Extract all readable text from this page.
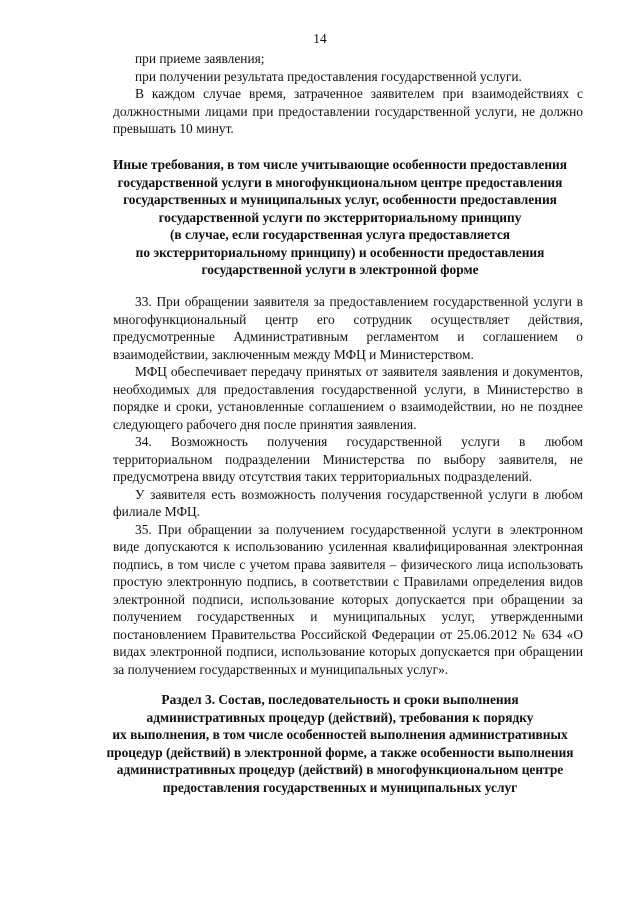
14

при приеме заявления;

при получении результата предоставления государственной услуги.

В каждом случае время, затраченное заявителем при взаимодействиях с должностными лицами при предоставлении государственной услуги, не должно превышать 10 минут.

Иные требования, в том числе учитывающие особенности предоставления
государственной услуги в многофункциональном центре предоставления
государственных и муниципальных услуг, особенности предоставления
государственной услуги по экстерриториальному принципу
(в случае, если государственная услуга предоставляется
по экстерриториальному принципу) и особенности предоставления
государственной услуги в электронной форме

33. При обращении заявителя за предоставлением государственной услуги в многофункциональный центр его сотрудник осуществляет действия, предусмотренные Административным регламентом и соглашением о взаимодействии, заключенным между МФЦ и Министерством.

МФЦ обеспечивает передачу принятых от заявителя заявления и документов, необходимых для предоставления государственной услуги, в Министерство в порядке и сроки, установленные соглашением о взаимодействии, но не позднее следующего рабочего дня после принятия заявления.

34. Возможность получения государственной услуги в любом территориальном подразделении Министерства по выбору заявителя, не предусмотрена ввиду отсутствия таких территориальных подразделений.

У заявителя есть возможность получения государственной услуги в любом филиале МФЦ.

35. При обращении за получением государственной услуги в электронном виде допускаются к использованию усиленная квалифицированная электронная подпись, в том числе с учетом права заявителя – физического лица использовать простую электронную подпись, в соответствии с Правилами определения видов электронной подписи, использование которых допускается при обращении за получением государственных и муниципальных услуг, утвержденными постановлением Правительства Российской Федерации от 25.06.2012 № 634 «О видах электронной подписи, использование которых допускается при обращении за получением государственных и муниципальных услуг».

Раздел 3. Состав, последовательность и сроки выполнения
административных процедур (действий), требования к порядку
их выполнения, в том числе особенностей выполнения административных
процедур (действий) в электронной форме, а также особенности выполнения
административных процедур (действий) в многофункциональном центре
предоставления государственных и муниципальных услуг
